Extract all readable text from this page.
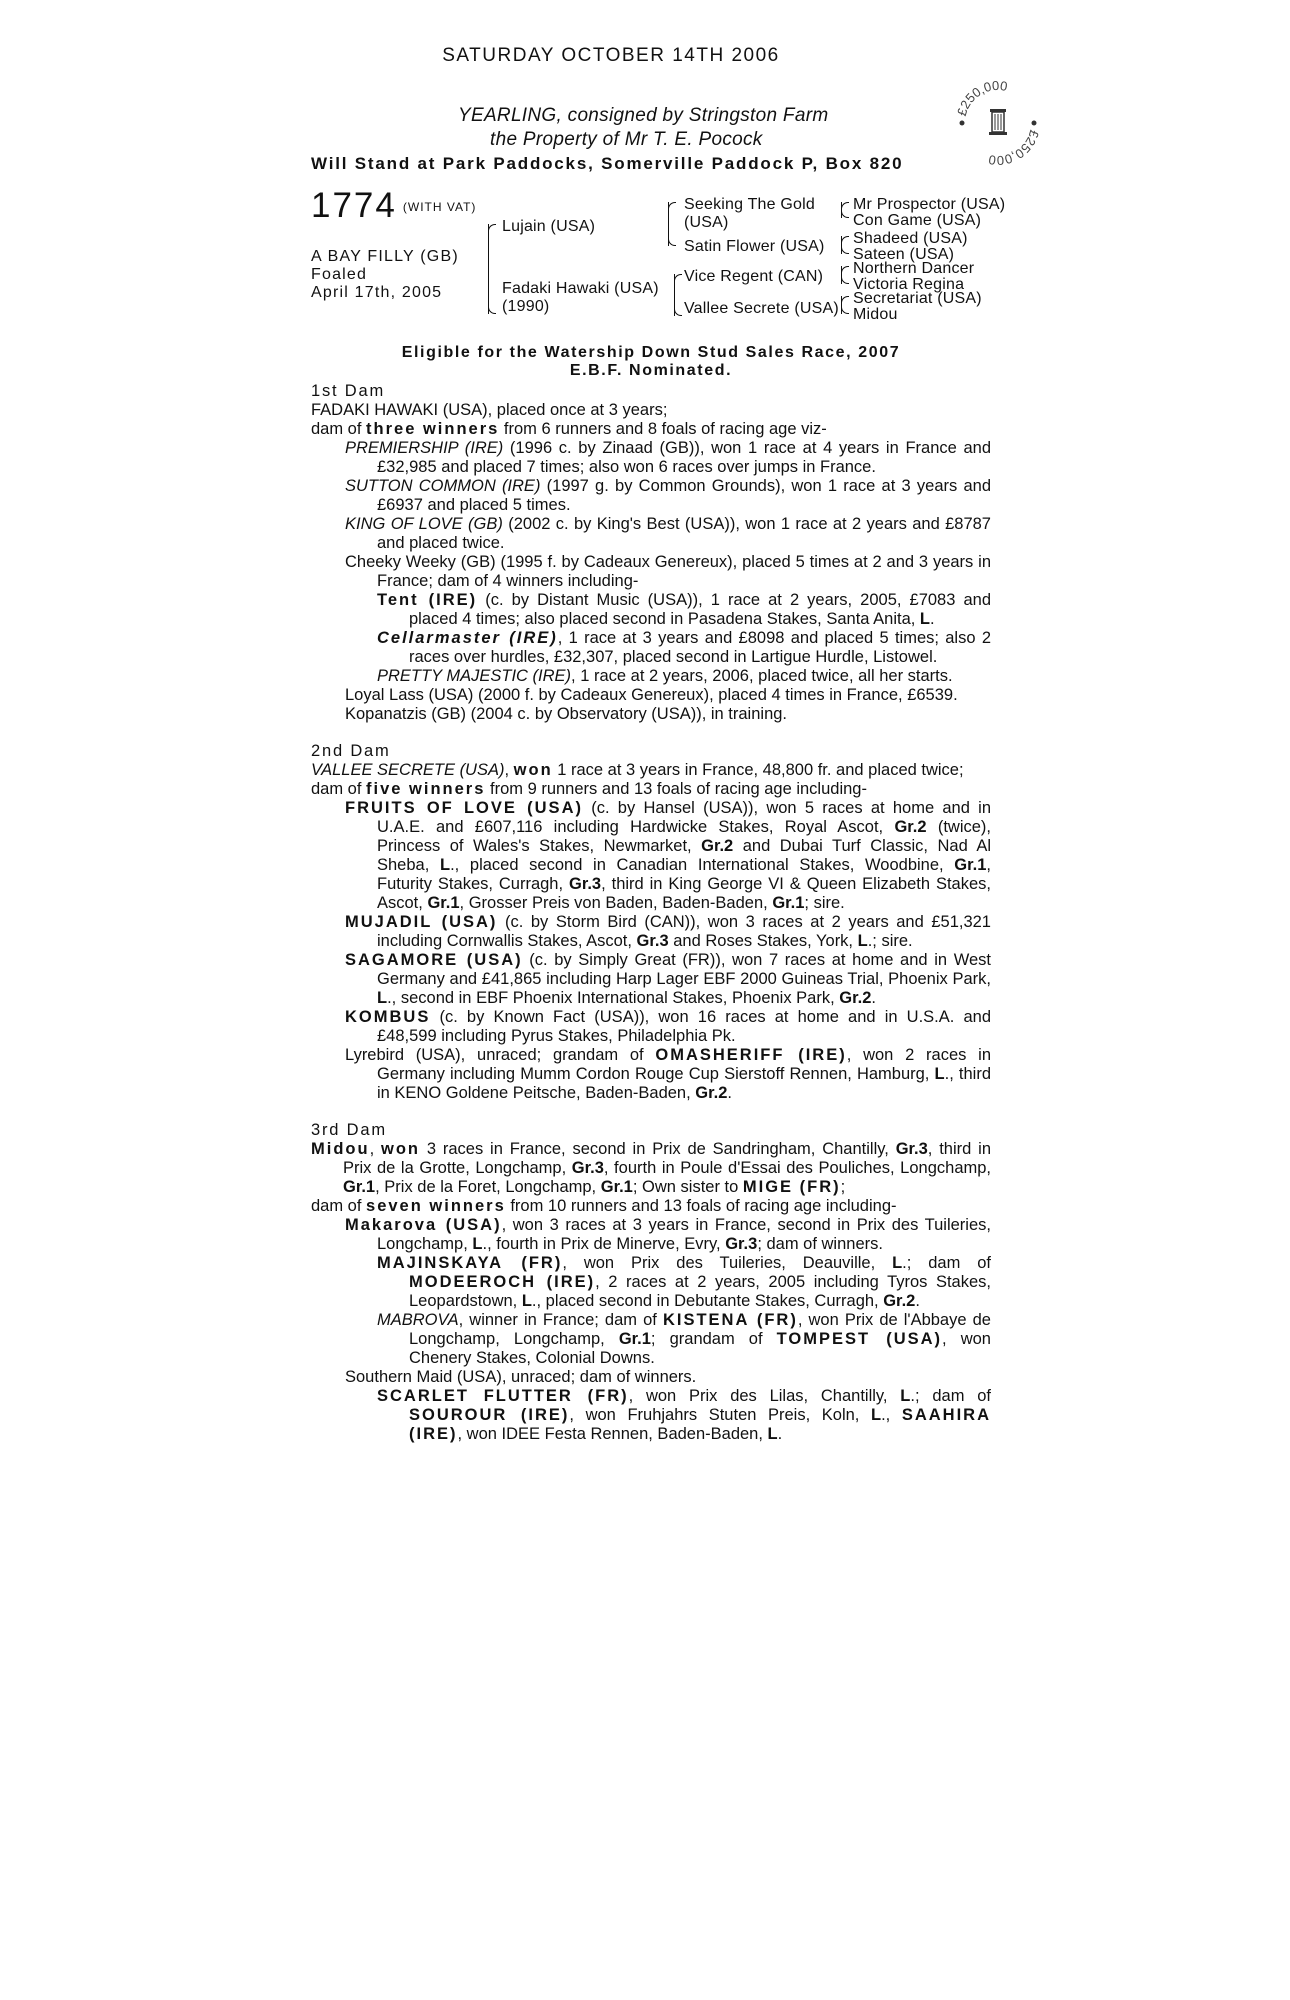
SATURDAY OCTOBER 14TH 2006
YEARLING, consigned by Stringston Farm
the Property of Mr T. E. Pocock
Will Stand at Park Paddocks, Somerville Paddock P, Box 820
£250,000
£250,000
1774 (WITH VAT)
A BAY FILLY (GB)
Foaled
April 17th, 2005
Lujain (USA)
Fadaki Hawaki (USA)
(1990)
Seeking The Gold
(USA)
Satin Flower (USA)
Vice Regent (CAN)
Vallee Secrete (USA)
Mr Prospector (USA)
Con Game (USA)
Shadeed (USA)
Sateen (USA)
Northern Dancer
Victoria Regina
Secretariat (USA)
Midou
Eligible for the Watership Down Stud Sales Race, 2007
E.B.F. Nominated.
1st Dam
FADAKI HAWAKI (USA), placed once at 3 years;
dam of three winners from 6 runners and 8 foals of racing age viz-
PREMIERSHIP (IRE) (1996 c. by Zinaad (GB)), won 1 race at 4 years in France and £32,985 and placed 7 times; also won 6 races over jumps in France.
SUTTON COMMON (IRE) (1997 g. by Common Grounds), won 1 race at 3 years and £6937 and placed 5 times.
KING OF LOVE (GB) (2002 c. by King's Best (USA)), won 1 race at 2 years and £8787 and placed twice.
Cheeky Weeky (GB) (1995 f. by Cadeaux Genereux), placed 5 times at 2 and 3 years in France; dam of 4 winners including-
Tent (IRE) (c. by Distant Music (USA)), 1 race at 2 years, 2005, £7083 and placed 4 times; also placed second in Pasadena Stakes, Santa Anita, L.
Cellarmaster (IRE), 1 race at 3 years and £8098 and placed 5 times; also 2 races over hurdles, £32,307, placed second in Lartigue Hurdle, Listowel.
PRETTY MAJESTIC (IRE), 1 race at 2 years, 2006, placed twice, all her starts.
Loyal Lass (USA) (2000 f. by Cadeaux Genereux), placed 4 times in France, £6539.
Kopanatzis (GB) (2004 c. by Observatory (USA)), in training.
2nd Dam
VALLEE SECRETE (USA), won 1 race at 3 years in France, 48,800 fr. and placed twice;
dam of five winners from 9 runners and 13 foals of racing age including-
FRUITS OF LOVE (USA) (c. by Hansel (USA)), won 5 races at home and in U.A.E. and £607,116 including Hardwicke Stakes, Royal Ascot, Gr.2 (twice), Princess of Wales's Stakes, Newmarket, Gr.2 and Dubai Turf Classic, Nad Al Sheba, L., placed second in Canadian International Stakes, Woodbine, Gr.1, Futurity Stakes, Curragh, Gr.3, third in King George VI & Queen Elizabeth Stakes, Ascot, Gr.1, Grosser Preis von Baden, Baden-Baden, Gr.1; sire.
MUJADIL (USA) (c. by Storm Bird (CAN)), won 3 races at 2 years and £51,321 including Cornwallis Stakes, Ascot, Gr.3 and Roses Stakes, York, L.; sire.
SAGAMORE (USA) (c. by Simply Great (FR)), won 7 races at home and in West Germany and £41,865 including Harp Lager EBF 2000 Guineas Trial, Phoenix Park, L., second in EBF Phoenix International Stakes, Phoenix Park, Gr.2.
KOMBUS (c. by Known Fact (USA)), won 16 races at home and in U.S.A. and £48,599 including Pyrus Stakes, Philadelphia Pk.
Lyrebird (USA), unraced; grandam of OMASHERIFF (IRE), won 2 races in Germany including Mumm Cordon Rouge Cup Sierstoff Rennen, Hamburg, L., third in KENO Goldene Peitsche, Baden-Baden, Gr.2.
3rd Dam
Midou, won 3 races in France, second in Prix de Sandringham, Chantilly, Gr.3, third in Prix de la Grotte, Longchamp, Gr.3, fourth in Poule d'Essai des Pouliches, Longchamp, Gr.1, Prix de la Foret, Longchamp, Gr.1; Own sister to MIGE (FR);
dam of seven winners from 10 runners and 13 foals of racing age including-
Makarova (USA), won 3 races at 3 years in France, second in Prix des Tuileries, Longchamp, L., fourth in Prix de Minerve, Evry, Gr.3; dam of winners.
MAJINSKAYA (FR), won Prix des Tuileries, Deauville, L.; dam of MODEEROCH (IRE), 2 races at 2 years, 2005 including Tyros Stakes, Leopardstown, L., placed second in Debutante Stakes, Curragh, Gr.2.
MABROVA, winner in France; dam of KISTENA (FR), won Prix de l'Abbaye de Longchamp, Longchamp, Gr.1; grandam of TOMPEST (USA), won Chenery Stakes, Colonial Downs.
Southern Maid (USA), unraced; dam of winners.
SCARLET FLUTTER (FR), won Prix des Lilas, Chantilly, L.; dam of SOUROUR (IRE), won Fruhjahrs Stuten Preis, Koln, L., SAAHIRA (IRE), won IDEE Festa Rennen, Baden-Baden, L.
